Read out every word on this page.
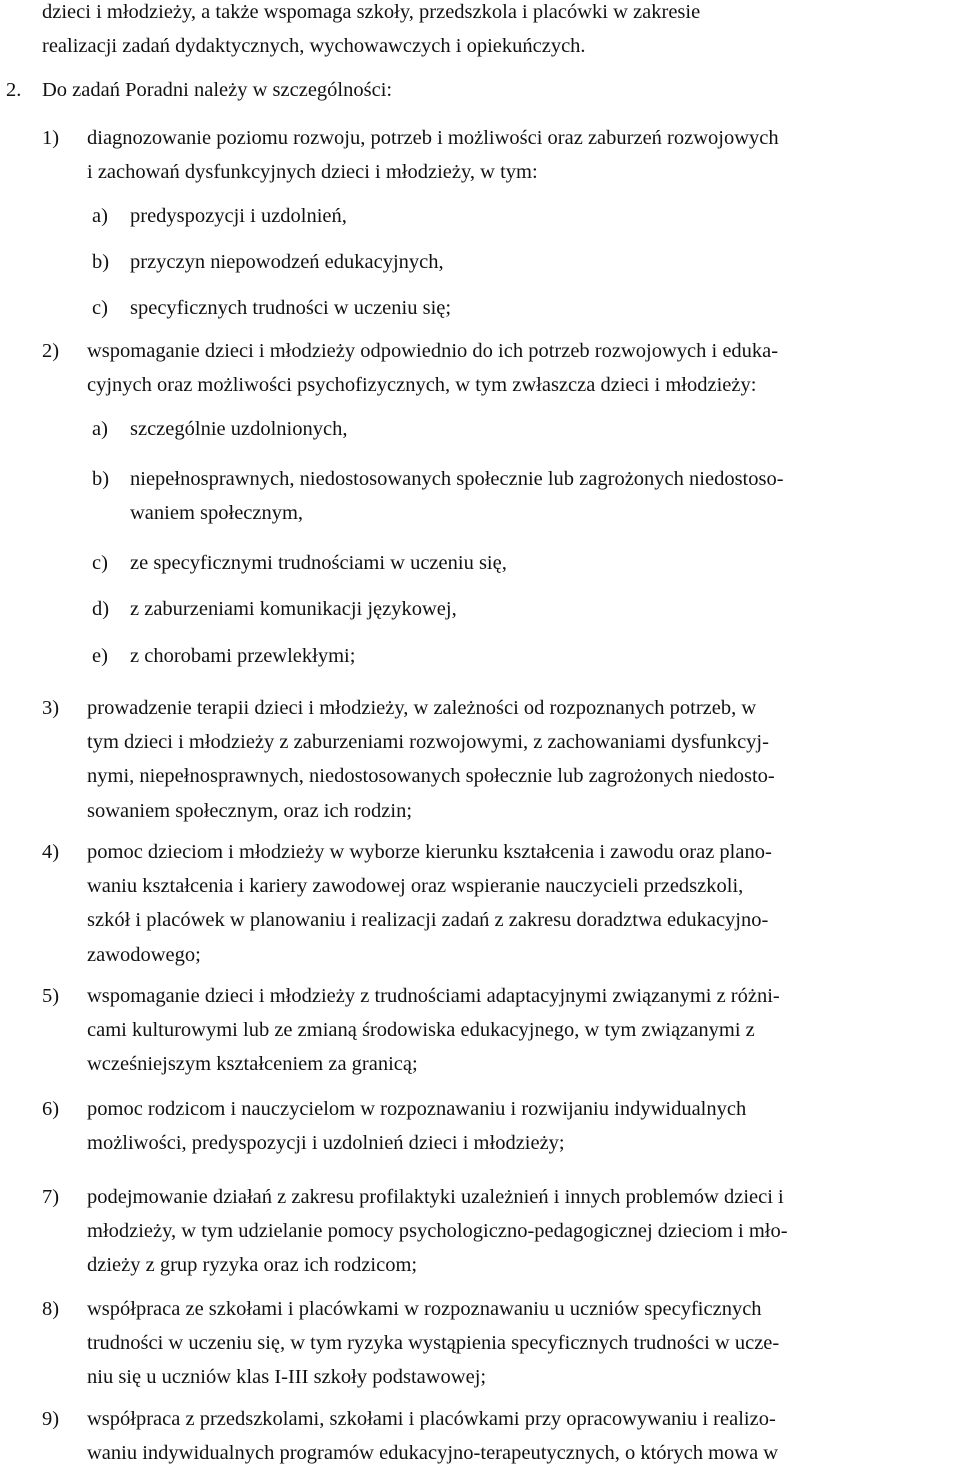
dzieci i młodzieży, a także wspomaga szkoły, przedszkola i placówki w zakresie
realizacji zadań dydaktycznych, wychowawczych i opiekuńczych.
2. Do zadań Poradni należy w szczególności:
1) diagnozowanie poziomu rozwoju, potrzeb i możliwości oraz zaburzeń rozwojowych
i zachowań dysfunkcyjnych dzieci i młodzieży, w tym:
a) predyspozycji i uzdolnień,
b) przyczyn niepowodzeń edukacyjnych,
c) specyficznych trudności w uczeniu się;
2) wspomaganie dzieci i młodzieży odpowiednio do ich potrzeb rozwojowych i eduka-
cyjnych oraz możliwości psychofizycznych, w tym zwłaszcza dzieci i młodzieży:
a) szczególnie uzdolnionych,
b) niepełnosprawnych, niedostosowanych społecznie lub zagrożonych niedostoso-
waniem społecznym,
c) ze specyficznymi trudnościami w uczeniu się,
d) z zaburzeniami komunikacji językowej,
e) z chorobami przewlekłymi;
3) prowadzenie terapii dzieci i młodzieży, w zależności od rozpoznanych potrzeb, w
tym dzieci i młodzieży z zaburzeniami rozwojowymi, z zachowaniami dysfunkcyj-
nymi, niepełnosprawnych, niedostosowanych społecznie lub zagrożonych niedosto-
sowaniem społecznym, oraz ich rodzin;
4) pomoc dzieciom i młodzieży w wyborze kierunku kształcenia i zawodu oraz plano-
waniu kształcenia i kariery zawodowej oraz wspieranie nauczycieli przedszkoli,
szkół i placówek w planowaniu i realizacji zadań z zakresu doradztwa edukacyjno-
zawodowego;
5) wspomaganie dzieci i młodzieży z trudnościami adaptacyjnymi związanymi z różni-
cami kulturowymi lub ze zmianą środowiska edukacyjnego, w tym związanymi z
wcześniejszym kształceniem za granicą;
6) pomoc rodzicom i nauczycielom w rozpoznawaniu i rozwijaniu indywidualnych
możliwości, predyspozycji i uzdolnień dzieci i młodzieży;
7) podejmowanie działań z zakresu profilaktyki uzależnień i innych problemów dzieci i
młodzieży, w tym udzielanie pomocy psychologiczno-pedagogicznej dzieciom i mło-
dzieży z grup ryzyka oraz ich rodzicom;
8) współpraca ze szkołami i placówkami w rozpoznawaniu u uczniów specyficznych
trudności w uczeniu się, w tym ryzyka wystąpienia specyficznych trudności w ucze-
niu się u uczniów klas I-III szkoły podstawowej;
9) współpraca z przedszkolami, szkołami i placówkami przy opracowywaniu i realizo-
waniu indywidualnych programów edukacyjno-terapeutycznych, o których mowa w
